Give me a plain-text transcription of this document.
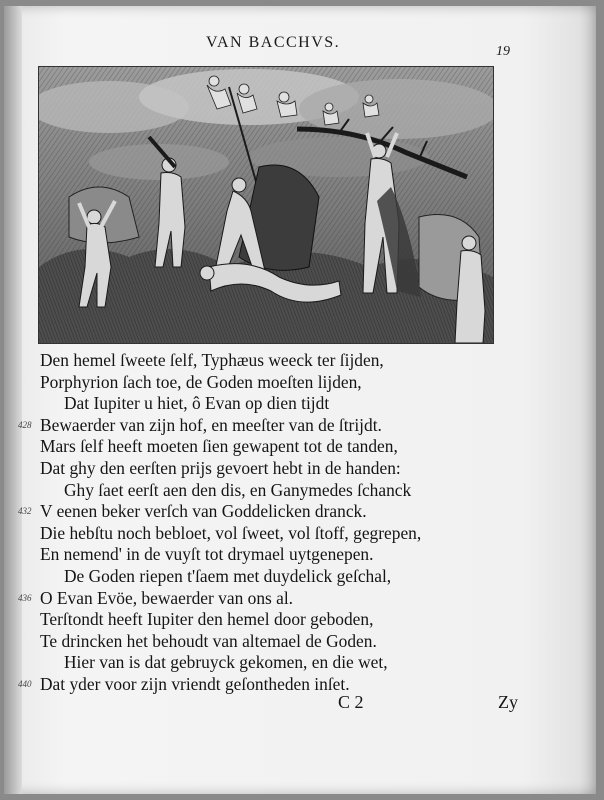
VAN BACCHVS.
19
Den hemel ſweete ſelf, Typhæus weeck ter ſijden,
Porphyrion ſach toe, de Goden moeſten lijden,
Dat Iupiter u hiet, ô Evan op dien tijdt
428 Bewaerder van zijn hof, en meeſter van de ſtrijdt.
Mars ſelf heeft moeten ſien gewapent tot de tanden,
Dat ghy den eerſten prijs gevoert hebt in de handen:
Ghy ſaet eerſt aen den dis, en Ganymedes ſchanck
432 V eenen beker verſch van Goddelicken dranck.
Die hebſtu noch bebloet, vol ſweet, vol ſtoff, gegrepen,
En nemend' in de vuyſt tot drymael uytgenepen.
De Goden riepen t'ſaem met duydelick geſchal,
436 O Evan Evöe, bewaerder van ons al.
Terſtondt heeft Iupiter den hemel door geboden,
Te drincken het behoudt van altemael de Goden.
Hier van is dat gebruyck gekomen, en die wet,
440 Dat yder voor zijn vriendt geſontheden inſet.
C 2	Zy
